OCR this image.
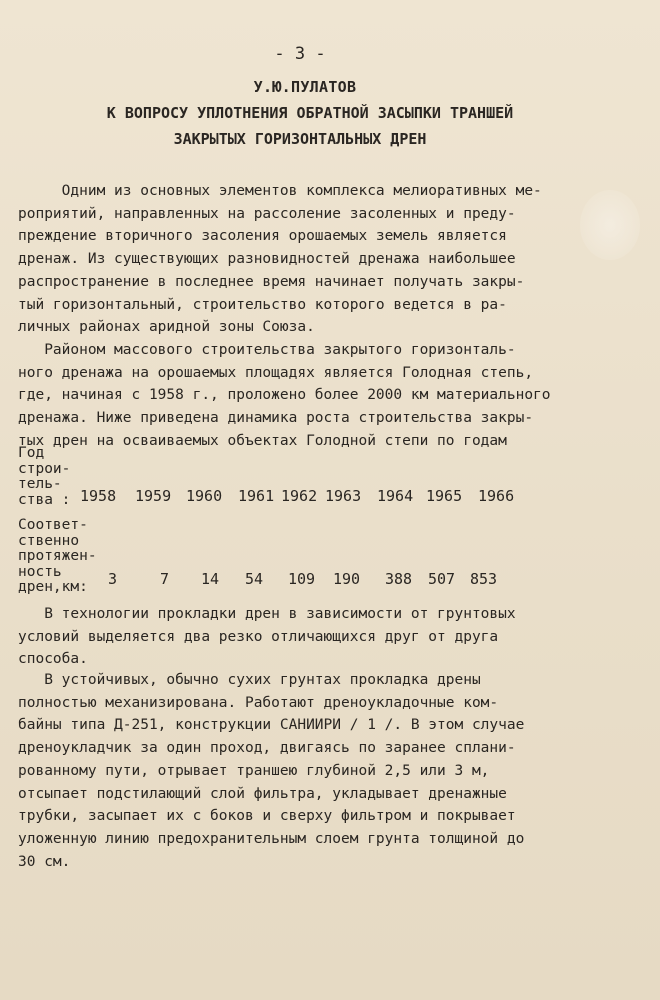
- 3 -
У.Ю.ПУЛАТОВ
К ВОПРОСУ УПЛОТНЕНИЯ ОБРАТНОЙ ЗАСЫПКИ ТРАНШЕЙ
ЗАКРЫТЫХ ГОРИЗОНТАЛЬНЫХ ДРЕН

Одним из основных элементов комплекса мелиоративных ме-
роприятий, направленных на рассоление засоленных и преду-
преждение вторичного засоления орошаемых земель является
дренаж. Из существующих разновидностей дренажа наибольшее
распространение в последнее время начинает получать закры-
тый горизонтальный, строительство которого ведется в ра-
личных районах аридной зоны Союза.

Районом массового строительства закрытого горизонталь-
ного дренажа на орошаемых площадях является Голодная степь,
где, начиная с 1958 г., проложено более 2000 км материального
дренажа. Ниже приведена динамика роста строительства закры-
тых дрен на осваиваемых объектах Голодной степи по годам

Год
строи-
тель-
ства : 1958 1959 1960 1961 1962 1963 1964 1965 1966

Соответ-
ственно
протяжен-
ность
дрен,км:	3	7 14 54 109 190 388 507 853

В технологии прокладки дрен в зависимости от грунтовых
условий выделяется два резко отличающихся друг от друга
способа.

В устойчивых, обычно сухих грунтах прокладка дрены
полностью механизирована. Работают дреноукладочные ком-
байны типа Д-251, конструкции САНИИРИ / 1 /. В этом случае
дреноукладчик за один проход, двигаясь по заранее сплани-
рованному пути, отрывает траншею глубиной 2,5 или 3 м,
отсыпает подстилающий слой фильтра, укладывает дренажные
трубки, засыпает их с боков и сверху фильтром и покрывает
уложенную линию предохранительным слоем грунта толщиной до
30 см.
